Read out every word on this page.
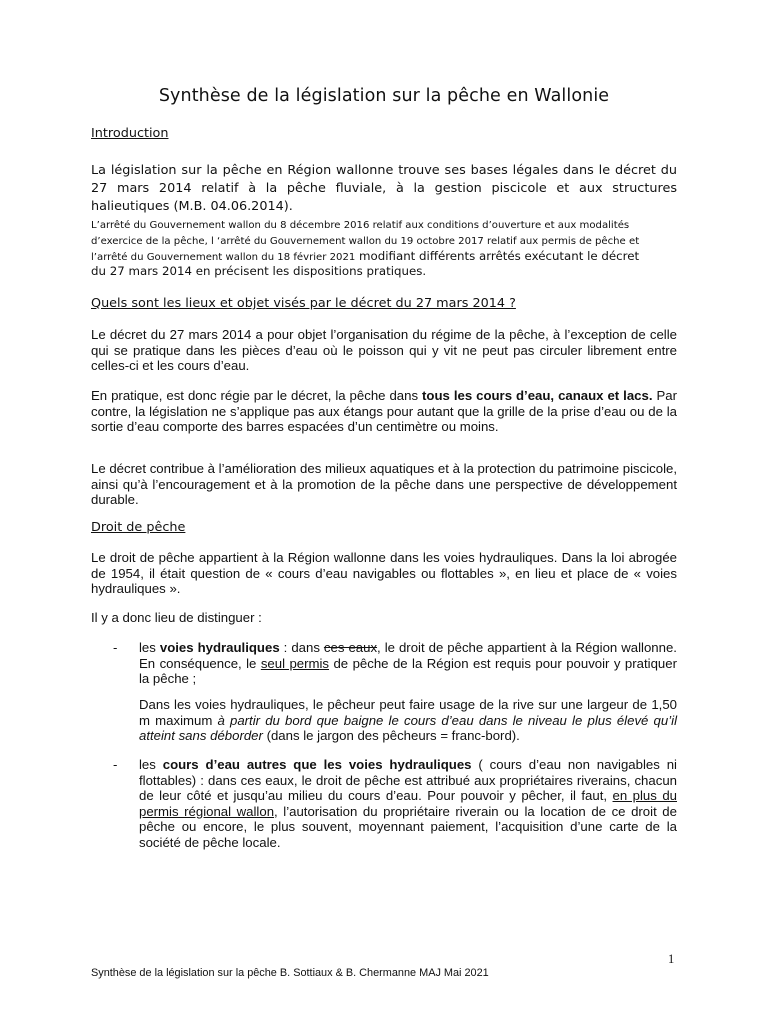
Synthèse de la législation sur la pêche en Wallonie
Introduction

La législation sur la pêche en Région wallonne trouve ses bases légales dans le décret du 27 mars 2014 relatif à la pêche fluviale, à la gestion piscicole et aux structures halieutiques (M.B. 04.06.2014).

L’arrêté du Gouvernement wallon du 8 décembre 2016 relatif aux conditions d’ouverture et aux modalités

d’exercice de la pêche, l ‘arrêté du Gouvernement wallon du 19 octobre 2017 relatif aux permis de pêche et

l’arrêté du Gouvernement wallon du 18 février 2021 modifiant différents arrêtés exécutant le décret

du 27 mars 2014 en précisent les dispositions pratiques.

Quels sont les lieux et objet visés par le décret du 27 mars 2014 ?

Le décret du 27 mars 2014 a pour objet l’organisation du régime de la pêche, à l’exception de celle qui se pratique dans les pièces d’eau où le poisson qui y vit ne peut pas circuler librement entre celles-ci et les cours d’eau.

En pratique, est donc régie par le décret, la pêche dans tous les cours d’eau, canaux et lacs. Par contre, la législation ne s’applique pas aux étangs pour autant que la grille de la prise d’eau ou de la sortie d’eau comporte des barres espacées d’un centimètre ou moins.

Le décret contribue à l’amélioration des milieux aquatiques et à la protection du patrimoine piscicole, ainsi qu’à l’encouragement et à la promotion de la pêche dans une perspective de développement durable.

Droit de pêche

Le droit de pêche appartient à la Région wallonne dans les voies hydrauliques. Dans la loi abrogée de 1954, il était question de « cours d’eau navigables ou flottables », en lieu et place de « voies hydrauliques ».

Il y a donc lieu de distinguer :

- les voies hydrauliques : dans ces eaux, le droit de pêche appartient à la Région wallonne. En conséquence, le seul permis de pêche de la Région est requis pour pouvoir y pratiquer la pêche ;

Dans les voies hydrauliques, le pêcheur peut faire usage de la rive sur une largeur de 1,50 m maximum à partir du bord que baigne le cours d’eau dans le niveau le plus élevé qu’il atteint sans déborder (dans le jargon des pêcheurs = franc-bord).

- les cours d’eau autres que les voies hydrauliques ( cours d’eau non navigables ni flottables) : dans ces eaux, le droit de pêche est attribué aux propriétaires riverains, chacun de leur côté et jusqu’au milieu du cours d’eau. Pour pouvoir y pêcher, il faut, en plus du permis régional wallon, l’autorisation du propriétaire riverain ou la location de ce droit de pêche ou encore, le plus souvent, moyennant paiement, l’acquisition d’une carte de la société de pêche locale.

1
Synthèse de la législation sur la pêche B. Sottiaux & B. Chermanne MAJ Mai 2021
